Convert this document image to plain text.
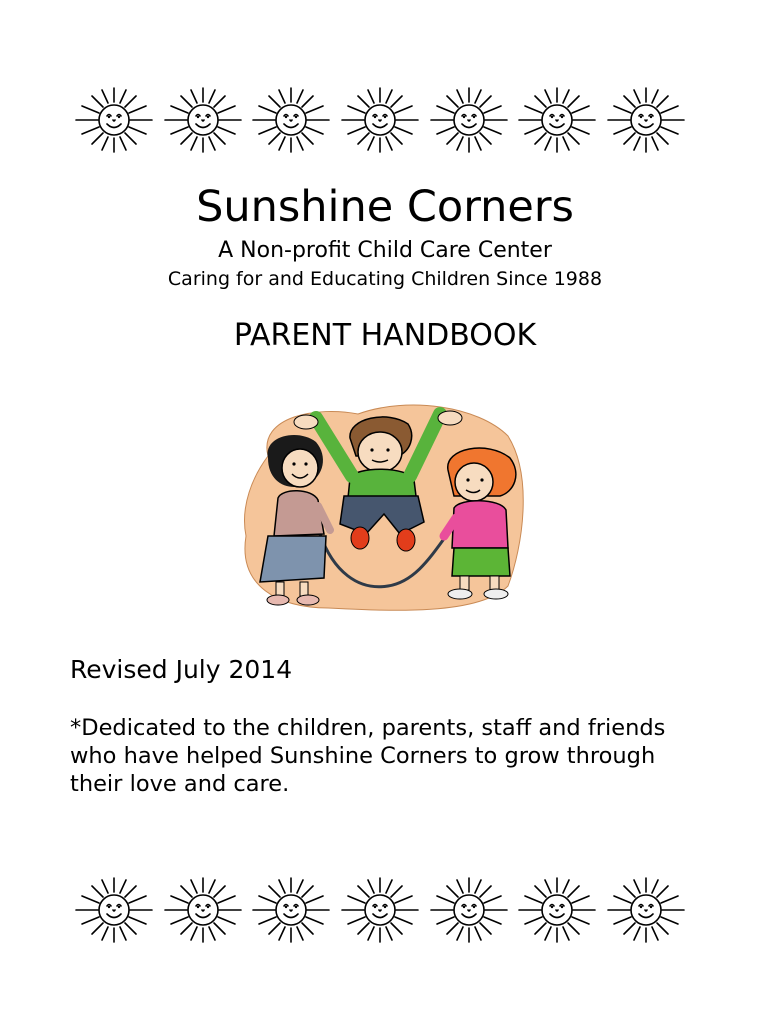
Sunshine Corners
A Non-profit Child Care Center
Caring for and Educating Children Since 1988
PARENT HANDBOOK
Revised July 2014
*Dedicated to the children, parents, staff and friends who have helped Sunshine Corners to grow through their love and care.
